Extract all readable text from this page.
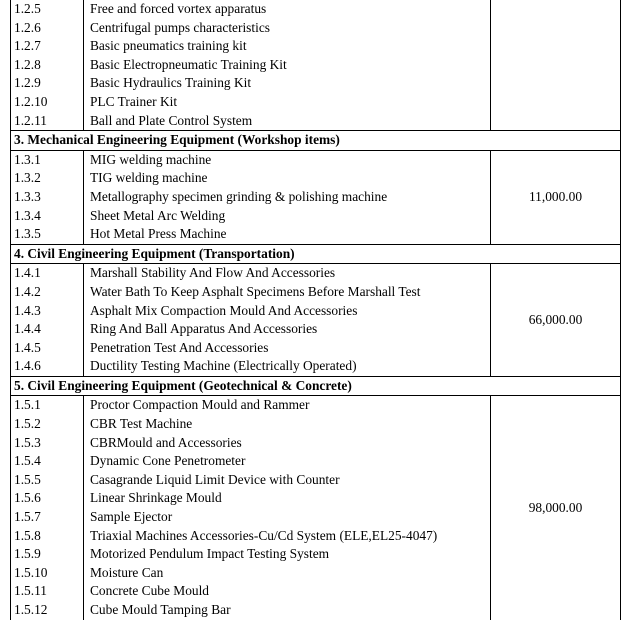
1.2.5	Free and forced vortex apparatus	
1.2.6	Centrifugal pumps characteristics	
1.2.7	Basic pneumatics training kit	
1.2.8	Basic Electropneumatic Training Kit	
1.2.9	Basic Hydraulics Training Kit	
1.2.10	PLC Trainer Kit	
1.2.11	Ball and Plate Control System	
3. Mechanical Engineering Equipment (Workshop items)		
1.3.1	MIG welding machine	11,000.00
1.3.2	TIG welding machine	
1.3.3	Metallography specimen grinding & polishing machine	
1.3.4	Sheet Metal Arc Welding	
1.3.5	Hot Metal Press Machine	
4. Civil Engineering Equipment (Transportation)		
1.4.1	Marshall Stability And Flow And Accessories	66,000.00
1.4.2	Water Bath To Keep Asphalt Specimens Before Marshall Test	
1.4.3	Asphalt Mix Compaction Mould And Accessories	
1.4.4	Ring And Ball Apparatus And Accessories	
1.4.5	Penetration Test And Accessories	
1.4.6	Ductility Testing Machine (Electrically Operated)	
5. Civil Engineering Equipment (Geotechnical & Concrete)		
1.5.1	Proctor Compaction Mould and Rammer	98,000.00
1.5.2	CBR Test Machine	
1.5.3	CBRMould and Accessories	
1.5.4	Dynamic Cone Penetrometer	
1.5.5	Casagrande Liquid Limit Device with Counter	
1.5.6	Linear Shrinkage Mould	
1.5.7	Sample Ejector	
1.5.8	Triaxial Machines Accessories-Cu/Cd System (ELE,EL25-4047)	
1.5.9	Motorized Pendulum Impact Testing System	
1.5.10	Moisture Can	
1.5.11	Concrete Cube Mould	
1.5.12	Cube Mould Tamping Bar	
